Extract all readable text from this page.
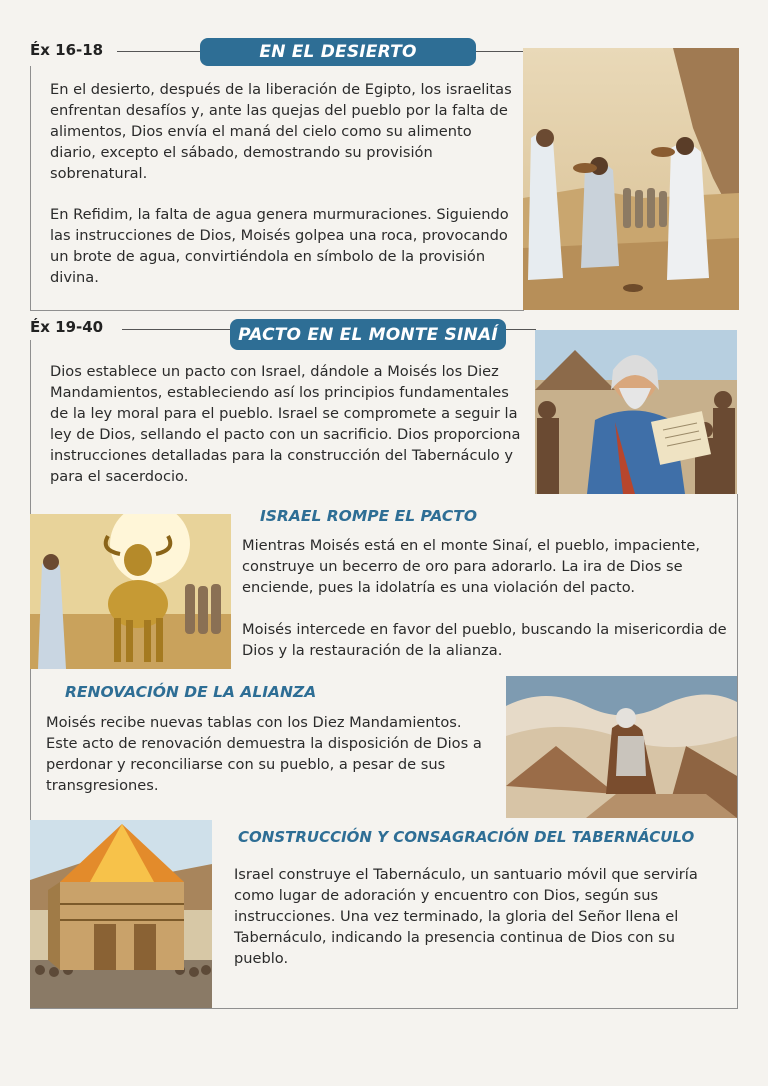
Éx 16-18	EN EL DESIERTO

En el desierto, después de la liberación de Egipto, los israelitas enfrentan desafíos y, ante las quejas del pueblo por la falta de alimentos, Dios envía el maná del cielo como su alimento diario, excepto el sábado, demostrando su provisión sobrenatural.

En Refidim, la falta de agua genera murmuraciones. Siguiendo las instrucciones de Dios, Moisés golpea una roca, provocando un brote de agua, convirtiéndola en símbolo de la provisión divina.

Éx 19-40	PACTO EN EL MONTE SINAÍ

Dios establece un pacto con Israel, dándole a Moisés los Diez Mandamientos, estableciendo así los principios fundamentales de la ley moral para el pueblo. Israel se compromete a seguir la ley de Dios, sellando el pacto con un sacrificio. Dios proporciona instrucciones detalladas para la construcción del Tabernáculo y para el sacerdocio.

ISRAEL ROMPE EL PACTO

Mientras Moisés está en el monte Sinaí, el pueblo, impaciente, construye un becerro de oro para adorarlo. La ira de Dios se enciende, pues la idolatría es una violación del pacto.

Moisés intercede en favor del pueblo, buscando la misericordia de Dios y la restauración de la alianza.

RENOVACIÓN DE LA ALIANZA

Moisés recibe nuevas tablas con los Diez Mandamientos. Este acto de renovación demuestra la disposición de Dios a perdonar y reconciliarse con su pueblo, a pesar de sus transgresiones.

CONSTRUCCIÓN Y CONSAGRACIÓN DEL TABERNÁCULO

Israel construye el Tabernáculo, un santuario móvil que serviría como lugar de adoración y encuentro con Dios, según sus instrucciones. Una vez terminado, la gloria del Señor llena el Tabernáculo, indicando la presencia continua de Dios con su pueblo.
